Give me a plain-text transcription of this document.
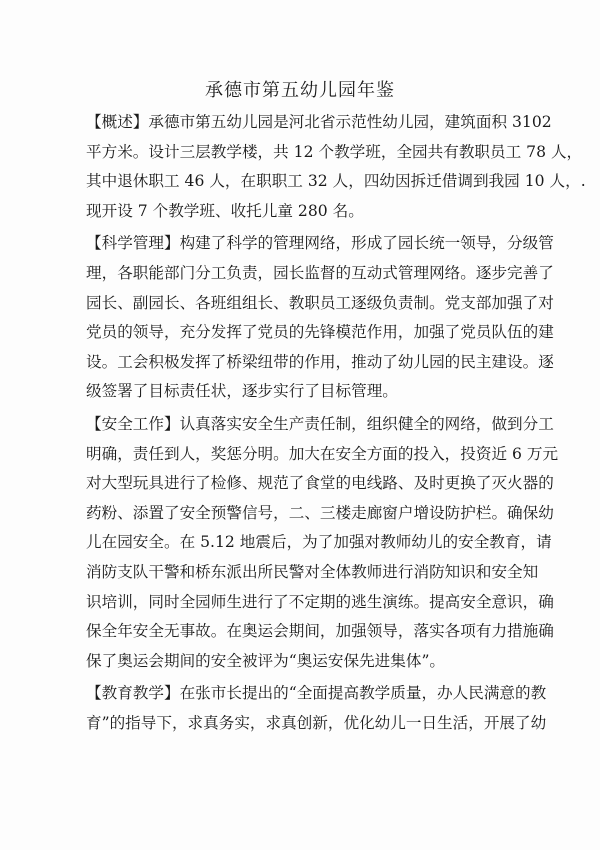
承德市第五幼儿园年鉴
【概述】承德市第五幼儿园是河北省示范性幼儿园，建筑面积 3102
平方米。设计三层教学楼，共 12 个教学班，全园共有教职员工 78 人，
其中退休职工 46 人，在职职工 32 人，四幼因拆迁借调到我园 10 人，.
现开设 7 个教学班、收托儿童 280 名。
【科学管理】构建了科学的管理网络，形成了园长统一领导，分级管
理，各职能部门分工负责，园长监督的互动式管理网络。逐步完善了
园长、副园长、各班组组长、教职员工逐级负责制。党支部加强了对
党员的领导，充分发挥了党员的先锋模范作用，加强了党员队伍的建
设。工会积极发挥了桥梁纽带的作用，推动了幼儿园的民主建设。逐
级签署了目标责任状，逐步实行了目标管理。
【安全工作】认真落实安全生产责任制，组织健全的网络，做到分工
明确，责任到人，奖惩分明。加大在安全方面的投入，投资近 6 万元
对大型玩具进行了检修、规范了食堂的电线路、及时更换了灭火器的
药粉、添置了安全预警信号，二、三楼走廊窗户增设防护栏。确保幼
儿在园安全。在 5.12 地震后，为了加强对教师幼儿的安全教育，请
消防支队干警和桥东派出所民警对全体教师进行消防知识和安全知
识培训，同时全园师生进行了不定期的逃生演练。提高安全意识，确
保全年安全无事故。在奥运会期间，加强领导，落实各项有力措施确
保了奥运会期间的安全被评为“奥运安保先进集体”。
【教育教学】在张市长提出的“全面提高教学质量，办人民满意的教
育”的指导下，求真务实，求真创新，优化幼儿一日生活，开展了幼
